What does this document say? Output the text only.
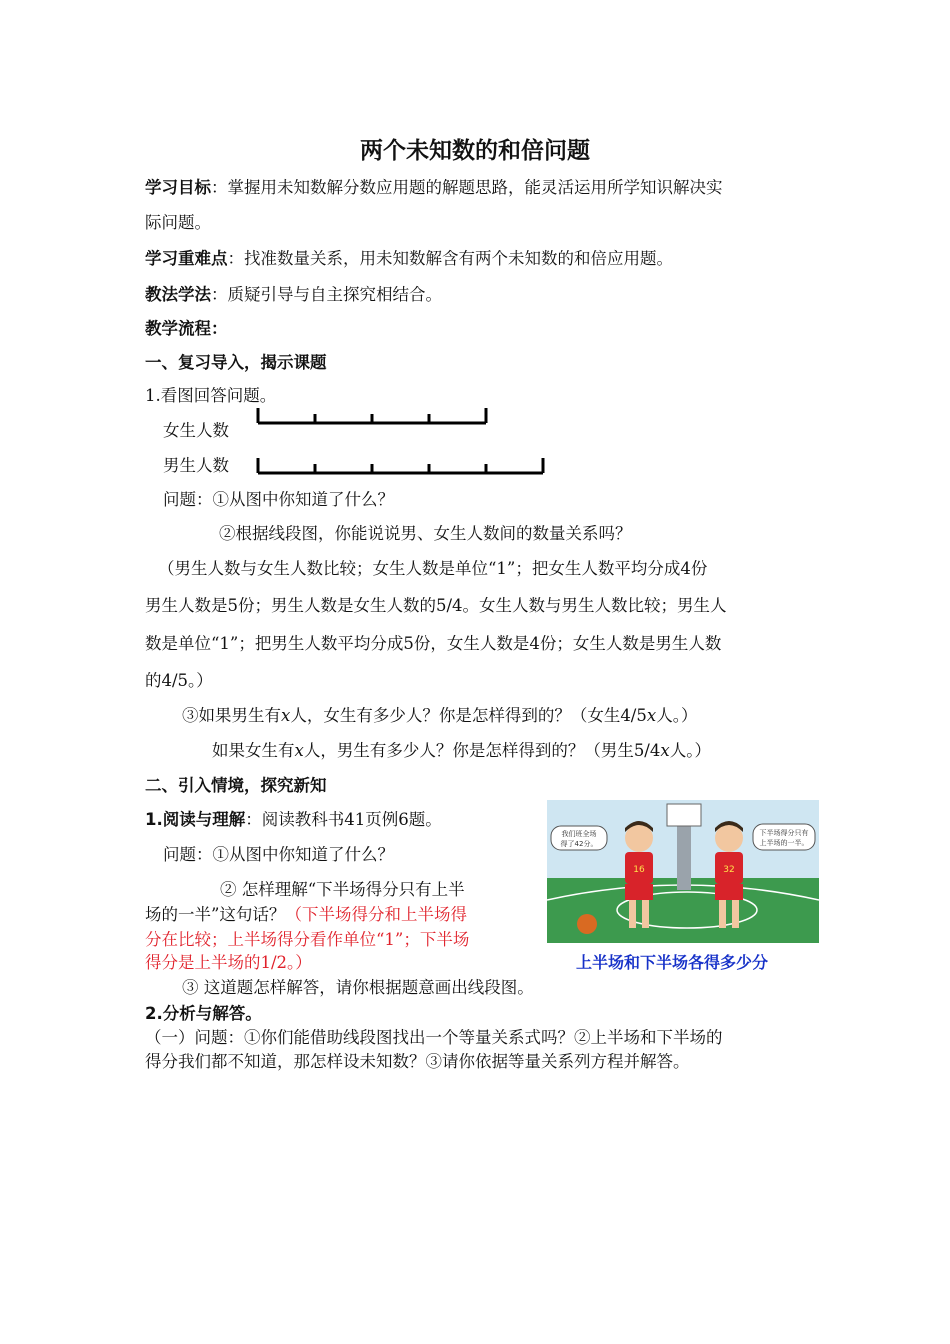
两个未知数的和倍问题
学习目标：掌握用未知数解分数应用题的解题思路，能灵活运用所学知识解决实
际问题。
学习重难点：找准数量关系，用未知数解含有两个未知数的和倍应用题。
教法学法：质疑引导与自主探究相结合。
教学流程：
一、复习导入，揭示课题
1.看图回答问题。
女生人数
男生人数
问题：①从图中你知道了什么？
②根据线段图，你能说说男、女生人数间的数量关系吗？
（男生人数与女生人数比较；女生人数是单位“1”；把女生人数平均分成4份
男生人数是5份；男生人数是女生人数的5/4。女生人数与男生人数比较；男生人
数是单位“1”；把男生人数平均分成5份，女生人数是4份；女生人数是男生人数
的4/5。）
③如果男生有x人，女生有多少人？你是怎样得到的？（女生4/5x人。）
如果女生有x人，男生有多少人？你是怎样得到的？（男生5/4x人。）
二、引入情境，探究新知
1.阅读与理解：阅读教科书41页例6题。
问题：①从图中你知道了什么？
② 怎样理解“下半场得分只有上半
场的一半”这句话？（下半场得分和上半场得
分在比较；上半场得分看作单位“1”；下半场
得分是上半场的1/2。）
③ 这道题怎样解答，请你根据题意画出线段图。
2.分析与解答。
（一）问题：①你们能借助线段图找出一个等量关系式吗？②上半场和下半场的
得分我们都不知道，那怎样设未知数？③请你依据等量关系列方程并解答。
16	32
我们班全场
得了42分。
下半场得分只有
上半场的一半。
上半场和下半场各得多少分
